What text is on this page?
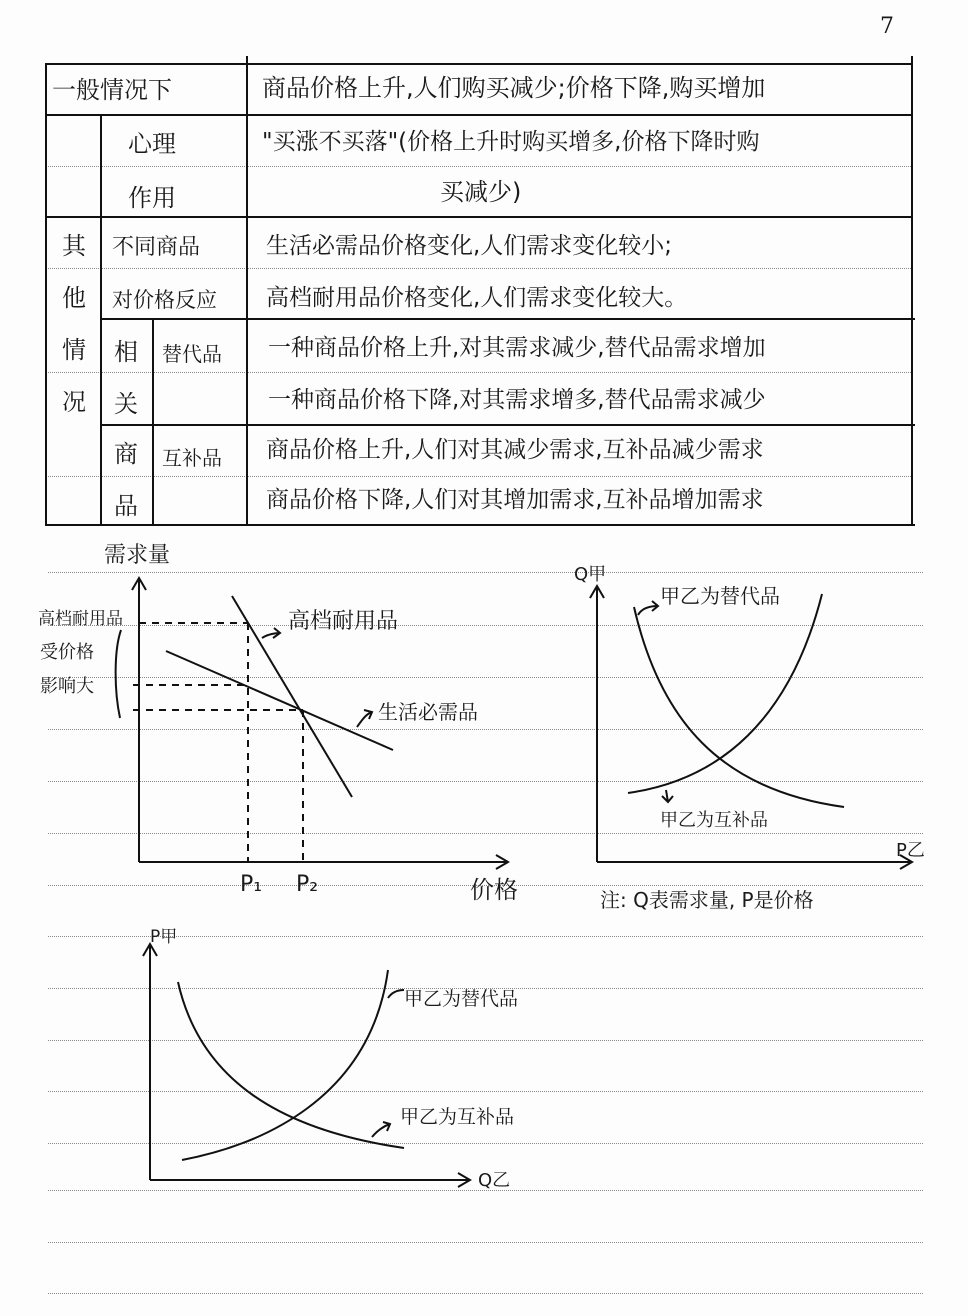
7
一般情况下	商品价格上升,人们购买减少;价格下降,购买增加
心理
作用
"买涨不买落"(价格上升时购买增多,价格下降时购
买减少)
其
他
情
况
不同商品
对价格反应
生活必需品价格变化,人们需求变化较小;
高档耐用品价格变化,人们需求变化较大。
相
关
商
品
替代品 一种商品价格上升,对其需求减少,替代品需求增加
一种商品价格下降,对其需求增多,替代品需求减少
互补品 商品价格上升,人们对其减少需求,互补品减少需求
商品价格下降,人们对其增加需求,互补品增加需求
需求量
价格
P₁ P₂
高档耐用品
受价格
影响大
高档耐用品
生活必需品
Q甲
P乙
甲乙为替代品
甲乙为互补品
注: Q表需求量, P是价格
P甲
Q乙
甲乙为替代品
甲乙为互补品
